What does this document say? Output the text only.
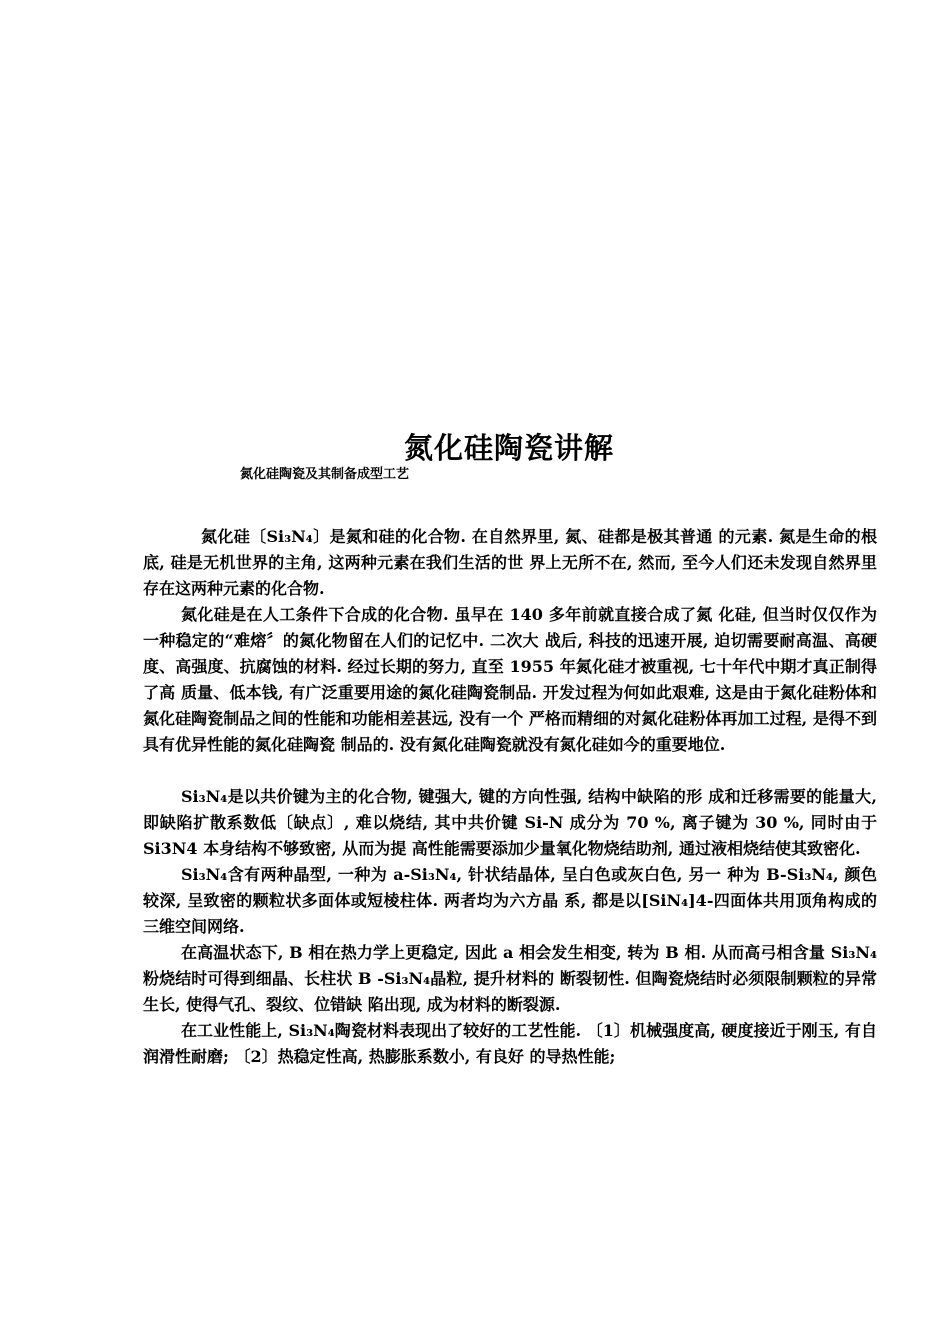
氮化硅陶瓷讲解
氮化硅陶瓷及其制备成型工艺

氮化硅〔Si₃N₄〕是氮和硅的化合物. 在自然界里, 氮、硅都是极其普通 的元素. 氮是生命的根底, 硅是无机世界的主角, 这两种元素在我们生活的世 界上无所不在, 然而, 至今人们还未发现自然界里存在这两种元素的化合物.

氮化硅是在人工条件下合成的化合物. 虽早在 140 多年前就直接合成了氮 化硅, 但当时仅仅作为一种稳定的“难熔〞的氮化物留在人们的记忆中. 二次大 战后, 科技的迅速开展, 迫切需要耐高温、高硬度、高强度、抗腐蚀的材料. 经过长期的努力, 直至 1955 年氮化硅才被重视, 七十年代中期才真正制得了高 质量、低本钱, 有广泛重要用途的氮化硅陶瓷制品. 开发过程为何如此艰难, 这是由于氮化硅粉体和氮化硅陶瓷制品之间的性能和功能相差甚远, 没有一个 严格而精细的对氮化硅粉体再加工过程, 是得不到具有优异性能的氮化硅陶瓷 制品的. 没有氮化硅陶瓷就没有氮化硅如今的重要地位.

Si₃N₄是以共价键为主的化合物, 键强大, 键的方向性强, 结构中缺陷的形 成和迁移需要的能量大, 即缺陷扩散系数低〔缺点〕, 难以烧结, 其中共价键 Si-N 成分为 70 %, 离子键为 30 %, 同时由于 Si3N4 本身结构不够致密, 从而为提 高性能需要添加少量氧化物烧结助剂, 通过液相烧结使其致密化.

Si₃N₄含有两种晶型, 一种为 a-Si₃N₄, 针状结晶体, 呈白色或灰白色, 另一 种为 B-Si₃N₄, 颜色较深, 呈致密的颗粒状多面体或短棱柱体. 两者均为六方晶 系, 都是以[SiN₄]4-四面体共用顶角构成的三维空间网络.

在高温状态下, B 相在热力学上更稳定, 因此 a 相会发生相变, 转为 B 相. 从而高弓相含量 Si₃N₄粉烧结时可得到细晶、长柱状 B -Si₃N₄晶粒, 提升材料的 断裂韧性. 但陶瓷烧结时必须限制颗粒的异常生长, 使得气孔、裂纹、位错缺 陷出现, 成为材料的断裂源.

在工业性能上, Si₃N₄陶瓷材料表现出了较好的工艺性能. 〔1〕机械强度高, 硬度接近于刚玉, 有自润滑性耐磨; 〔2〕热稳定性高, 热膨胀系数小, 有良好 的导热性能;
